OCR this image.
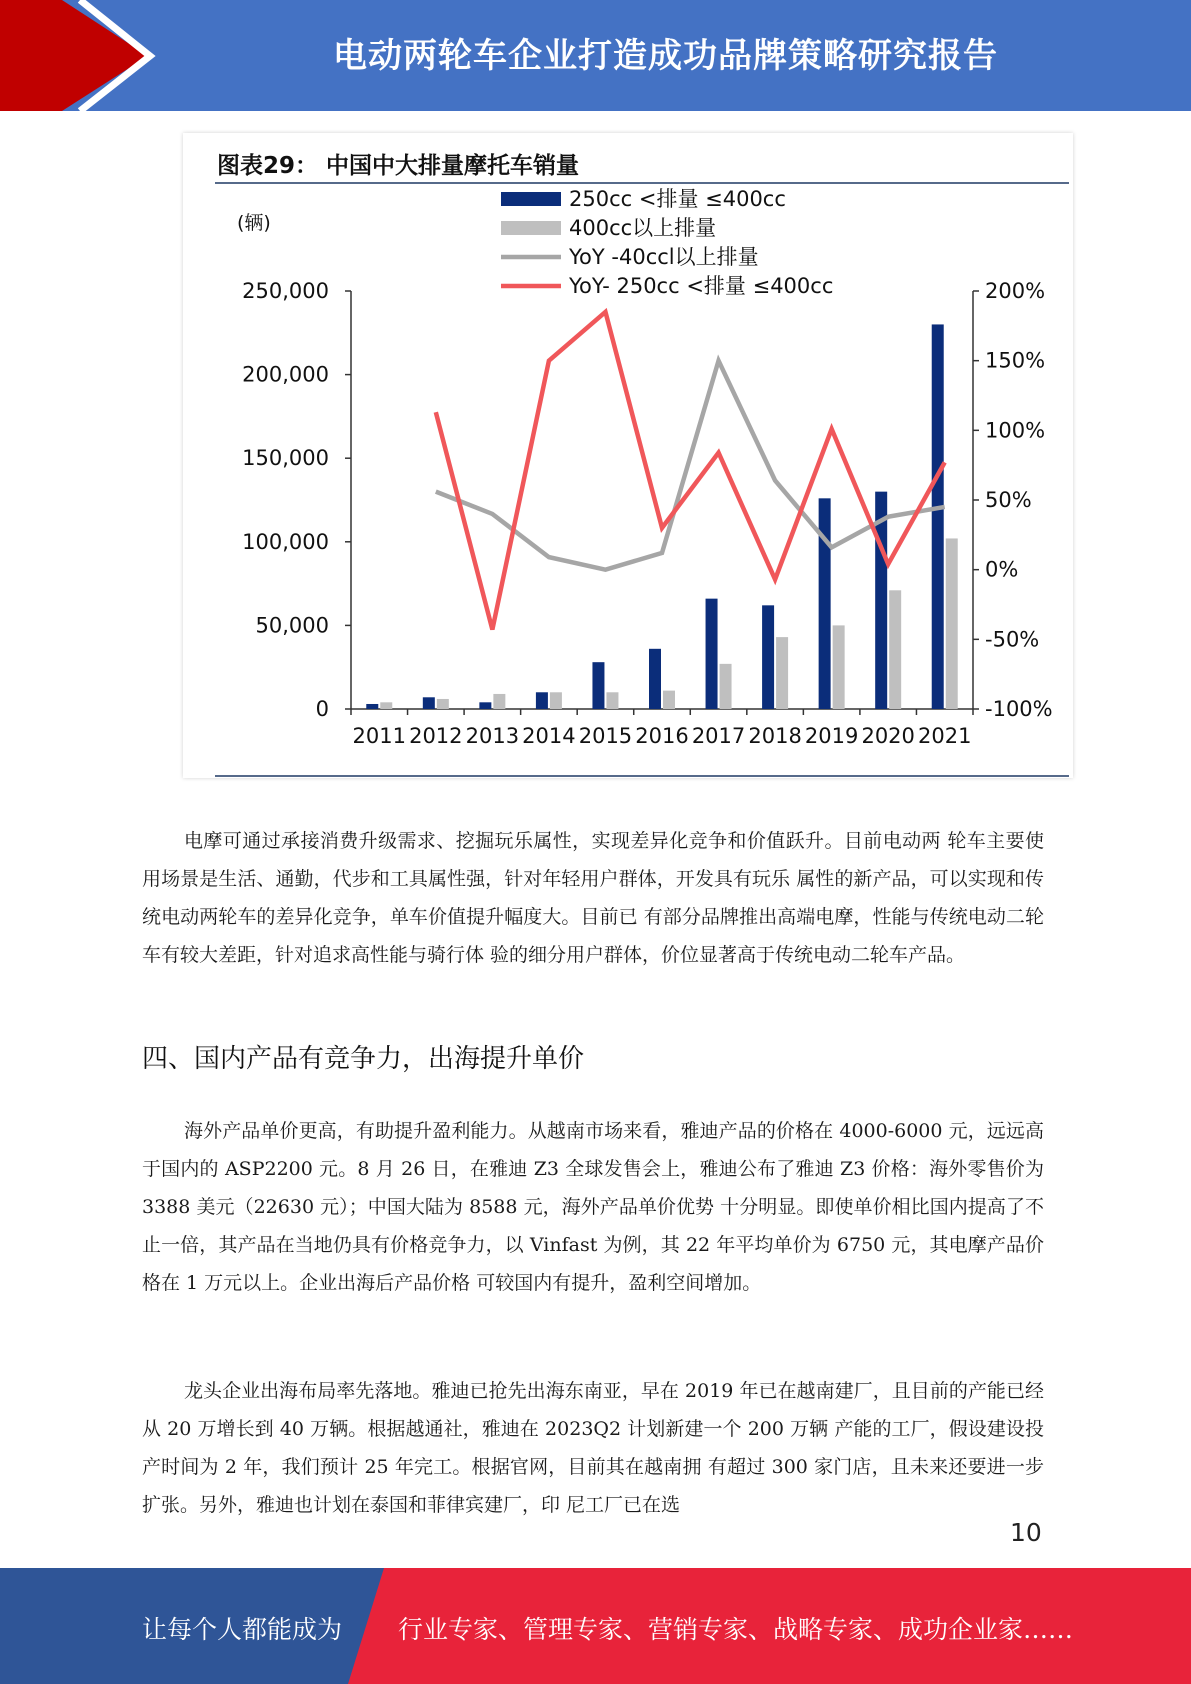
电动两轮车企业打造成功品牌策略研究报告
图表29： 中国中大排量摩托车销量
(辆)
0
50,000
100,000
150,000
200,000
250,000
-100%
-50%
0%
50%
100%
150%
200%
2011 2012 2013 2014 2015 2016 2017 2018 2019 2020 2021
250cc <排量 ≤400cc
400cc以上排量
YoY -40ccl以上排量
YoY- 250cc <排量 ≤400cc

电摩可通过承接消费升级需求、挖掘玩乐属性，实现差异化竞争和价值跃升。目前电动两 轮车主要使用场景是生活、通勤，代步和工具属性强，针对年轻用户群体，开发具有玩乐 属性的新产品，可以实现和传统电动两轮车的差异化竞争，单车价值提升幅度大。目前已 有部分品牌推出高端电摩，性能与传统电动二轮车有较大差距，针对追求高性能与骑行体 验的细分用户群体，价位显著高于传统电动二轮车产品。

四、国内产品有竞争力，出海提升单价

海外产品单价更高，有助提升盈利能力。从越南市场来看，雅迪产品的价格在 4000-6000 元，远远高于国内的 ASP2200 元。8 月 26 日，在雅迪 Z3 全球发售会上，雅迪公布了雅迪 Z3 价格：海外零售价为 3388 美元（22630 元）；中国大陆为 8588 元，海外产品单价优势 十分明显。即使单价相比国内提高了不止一倍，其产品在当地仍具有价格竞争力，以 Vinfast 为例，其 22 年平均单价为 6750 元，其电摩产品价格在 1 万元以上。企业出海后产品价格 可较国内有提升，盈利空间增加。

龙头企业出海布局率先落地。雅迪已抢先出海东南亚，早在 2019 年已在越南建厂，且目前的产能已经从 20 万增长到 40 万辆。根据越通社，雅迪在 2023Q2 计划新建一个 200 万辆 产能的工厂，假设建设投产时间为 2 年，我们预计 25 年完工。根据官网，目前其在越南拥 有超过 300 家门店，且未来还要进一步扩张。另外，雅迪也计划在泰国和菲律宾建厂，印 尼工厂已在选

10
让每个人都能成为 行业专家、管理专家、营销专家、战略专家、成功企业家……
